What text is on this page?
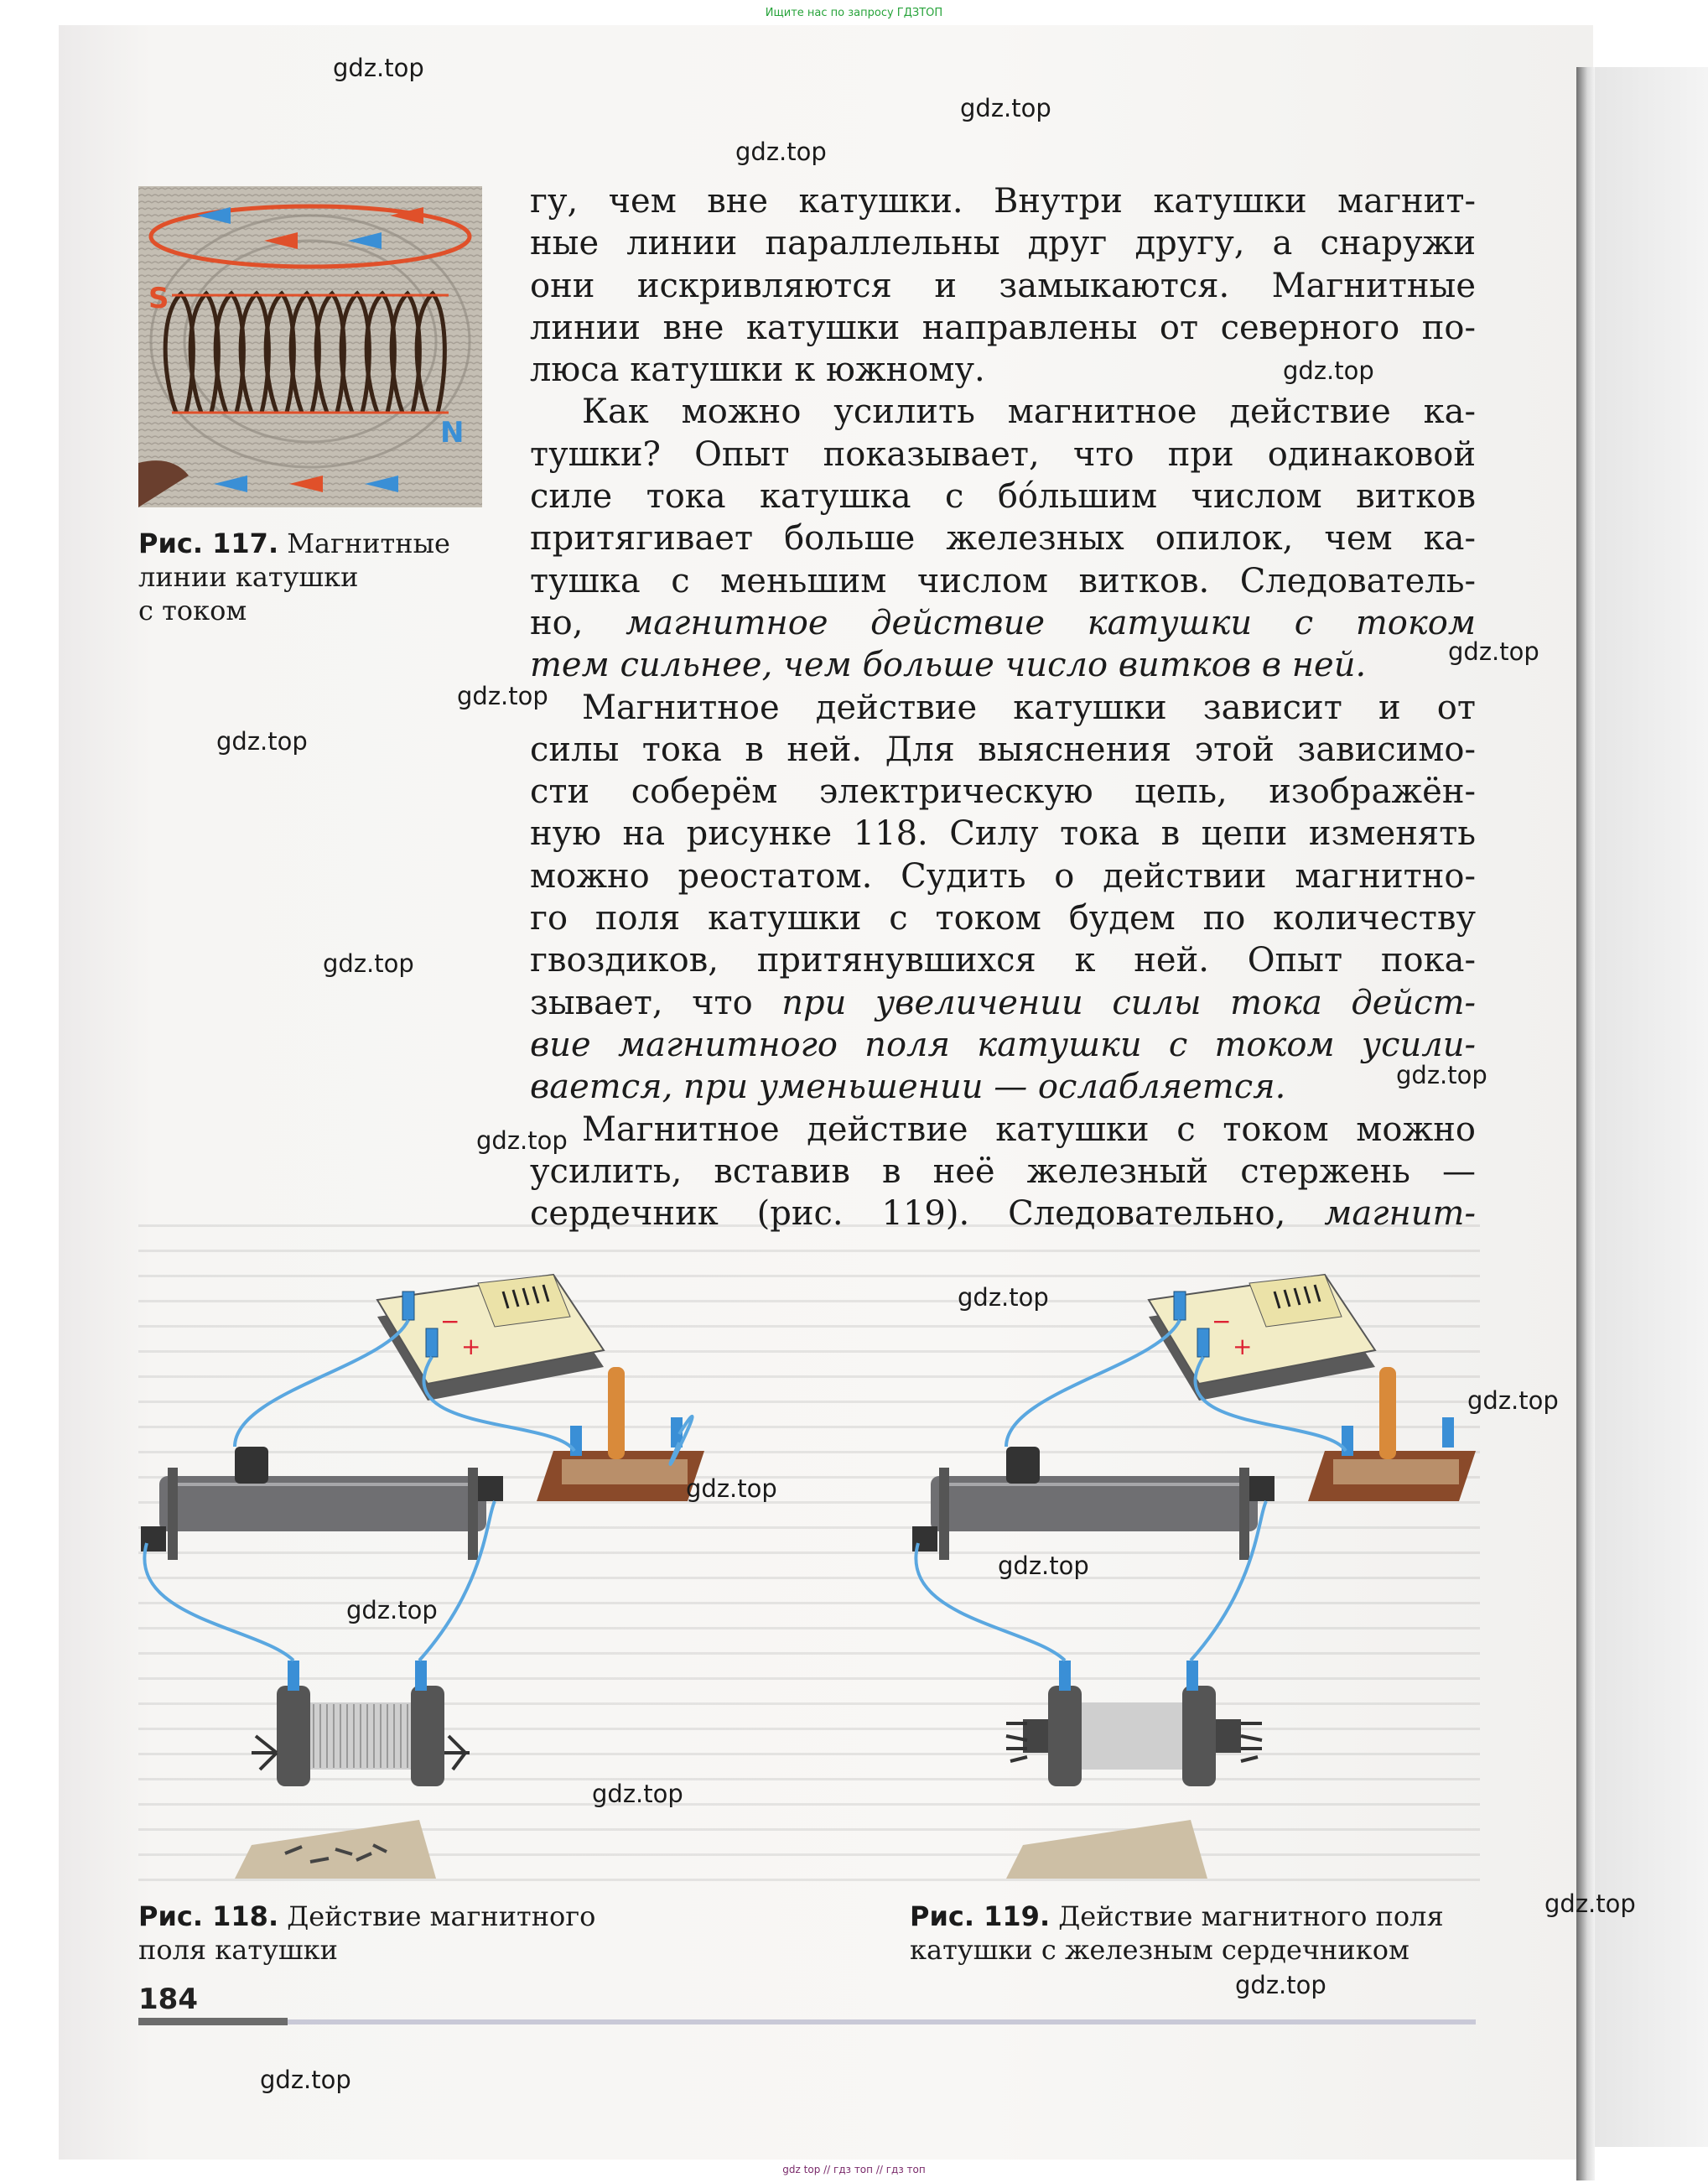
Ищите нас по запросу ГДЗТОП
S
N
Рис. 117. Магнитные
линии катушки
с током
гу, чем вне катушки. Внутри катушки магнит-
ные линии параллельны друг другу, а снаружи
они искривляются и замыкаются. Магнитные
линии вне катушки направлены от северного по-
люса катушки к южному.
Как можно усилить магнитное действие ка-
тушки? Опыт показывает, что при одинаковой
силе тока катушка с бóльшим числом витков
притягивает больше железных опилок, чем ка-
тушка с меньшим числом витков. Следователь-
но, магнитное действие катушки с током
тем сильнее, чем больше число витков в ней.
Магнитное действие катушки зависит и от
силы тока в ней. Для выяснения этой зависимо-
сти соберём электрическую цепь, изображён-
ную на рисунке 118. Силу тока в цепи изменять
можно реостатом. Судить о действии магнитно-
го поля катушки с током будем по количеству
гвоздиков, притянувшихся к ней. Опыт пока-
зывает, что при увеличении силы тока дейст-
вие магнитного поля катушки с током усили-
вается, при уменьшении — ослабляется.
Магнитное действие катушки с током можно
усилить, вставив в неё железный стержень —
сердечник (рис. 119). Следовательно, магнит-
−
+
−
+
Рис. 118. Действие магнитного
поля катушки
Рис. 119. Действие магнитного поля
катушки с железным сердечником
184
gdz.top
gdz.top
gdz.top
gdz.top
gdz.top
gdz.top
gdz.top
gdz.top
gdz.top
gdz.top
gdz.top
gdz.top
gdz.top
gdz.top
gdz.top
gdz.top
gdz.top
gdz.top
gdz.top
gdz top // гдз топ // гдз топ
